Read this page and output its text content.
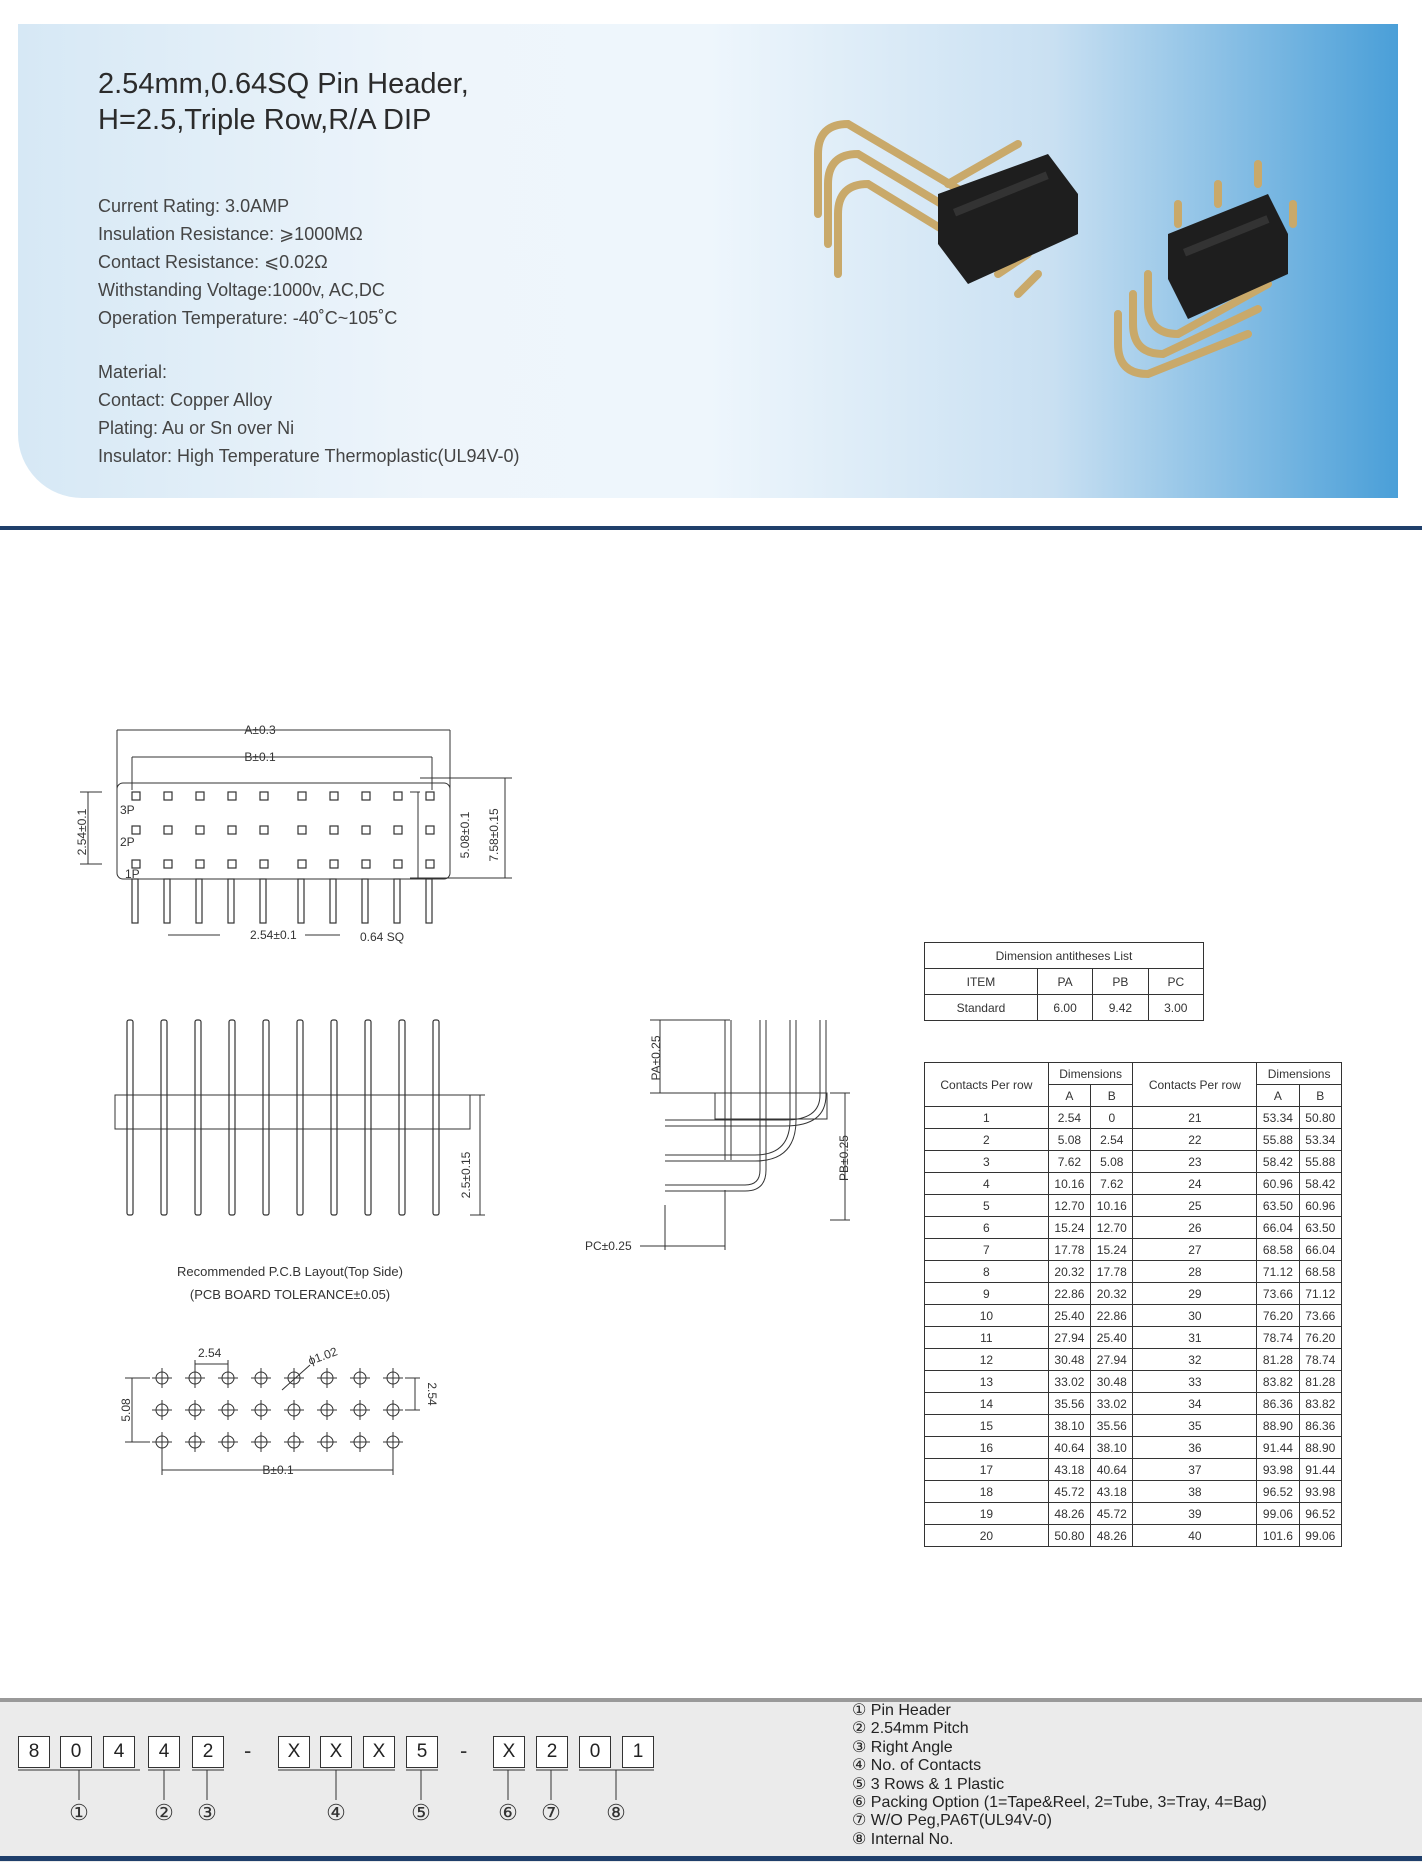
2.54mm,0.64SQ Pin Header,
H=2.5,Triple Row,R/A DIP
Current Rating: 3.0AMP
Insulation Resistance: ⩾1000MΩ
Contact Resistance: ⩽0.02Ω
Withstanding Voltage:1000v, AC,DC
Operation Temperature: -40˚C~105˚C
Material:
Contact: Copper Alloy
Plating: Au or Sn over Ni
Insulator: High Temperature Thermoplastic(UL94V-0)
A±0.3
B±0.1
3P
2P
1P
2.54±0.1	5.08±0.1 7.58±0.15
2.54±0.1	0.64 SQ
2.5±0.15
Recommended P.C.B Layout(Top Side)
(PCB BOARD TOLERANCE±0.05)
2.54	ϕ1.02
2.54
5.08
B±0.1
PA±0.25
PB±0.25
PC±0.25
Dimension antitheses List			
ITEM	PA	PB	PC
Standard	6.00	9.42	3.00
Contacts Per row	Dimensions		Contacts Per row	Dimensions	
	A	B		A	B
1	2.54	0	21	53.34	50.80
2	5.08	2.54	22	55.88	53.34
3	7.62	5.08	23	58.42	55.88
4	10.16	7.62	24	60.96	58.42
5	12.70	10.16	25	63.50	60.96
6	15.24	12.70	26	66.04	63.50
7	17.78	15.24	27	68.58	66.04
8	20.32	17.78	28	71.12	68.58
9	22.86	20.32	29	73.66	71.12
10	25.40	22.86	30	76.20	73.66
11	27.94	25.40	31	78.74	76.20
12	30.48	27.94	32	81.28	78.74
13	33.02	30.48	33	83.82	81.28
14	35.56	33.02	34	86.36	83.82
15	38.10	35.56	35	88.90	86.36
16	40.64	38.10	36	91.44	88.90
17	43.18	40.64	37	93.98	91.44
18	45.72	43.18	38	96.52	93.98
19	48.26	45.72	39	99.06	96.52
20	50.80	48.26	40	101.6	99.06
8	0	4	4	2	-	X	X	X	5	-	X	2	0	1
①	② ③	④	⑤	⑥ ⑦ ⑧
① Pin Header
② 2.54mm Pitch
③ Right Angle
④ No. of Contacts
⑤ 3 Rows & 1 Plastic
⑥ Packing Option (1=Tape&Reel, 2=Tube, 3=Tray, 4=Bag)
⑦ W/O Peg,PA6T(UL94V-0)
⑧ Internal No.
